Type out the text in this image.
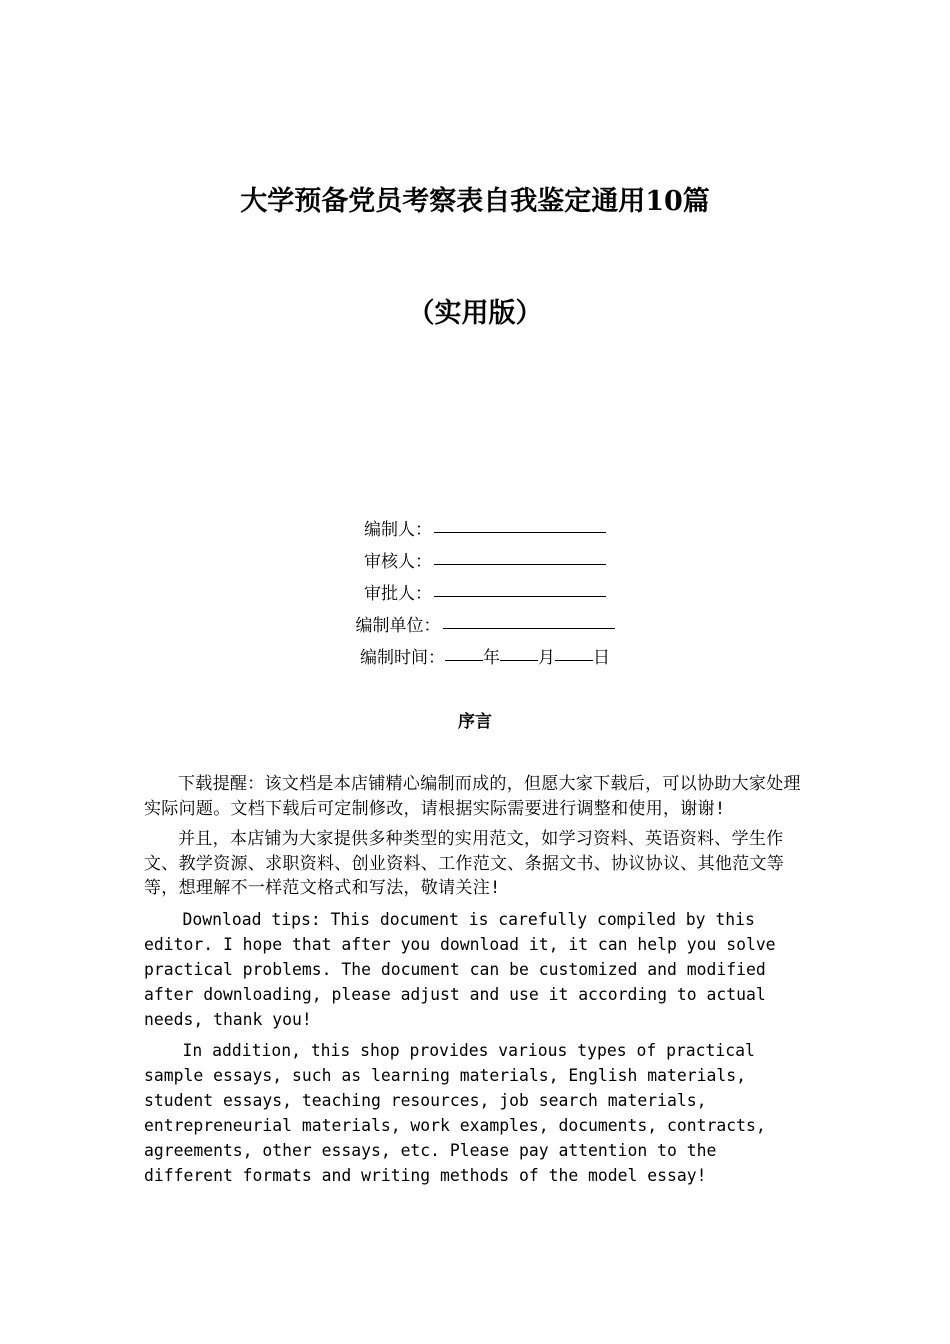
大学预备党员考察表自我鉴定通用10篇
（实用版）
编制人：
审核人：
审批人：
编制单位：
编制时间： 年 月 日
序言

下载提醒：该文档是本店铺精心编制而成的，但愿大家下载后，可以协助大家处理实际问题。文档下载后可定制修改，请根据实际需要进行调整和使用，谢谢!

并且，本店铺为大家提供多种类型的实用范文，如学习资料、英语资料、学生作文、教学资源、求职资料、创业资料、工作范文、条据文书、协议协议、其他范文等等，想理解不一样范文格式和写法，敬请关注!

Download tips: This document is carefully compiled by this editor. I hope that after you download it, it can help you solve practical problems. The document can be customized and modified after downloading, please adjust and use it according to actual needs, thank you!

In addition, this shop provides various types of practical sample essays, such as learning materials, English materials, student essays, teaching resources, job search materials, entrepreneurial materials, work examples, documents, contracts, agreements, other essays, etc. Please pay attention to the different formats and writing methods of the model essay!
